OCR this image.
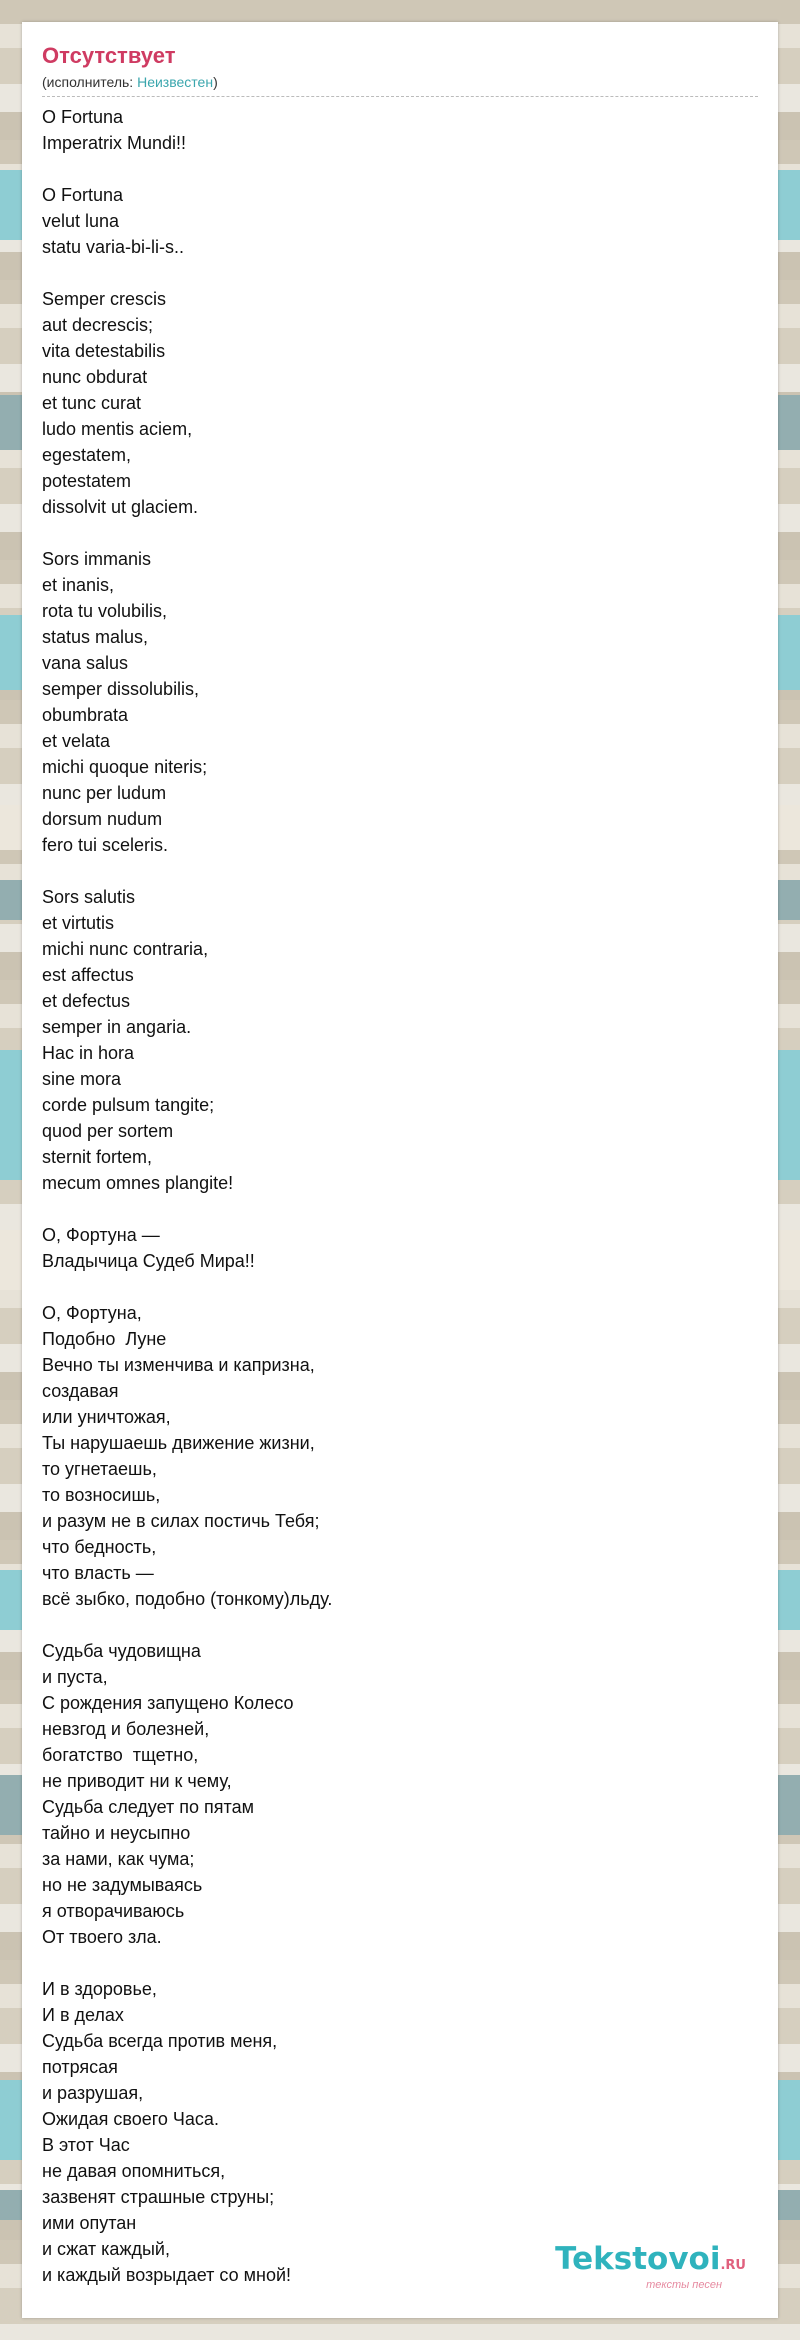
Отсутствует
(исполнитель: Неизвестен)
O Fortuna
Imperatrix Mundi!!
O Fortuna
velut luna
statu varia-bi-li-s..
Semper crescis
aut decrescis;
vita detestabilis
nunc obdurat
et tunc curat
ludo mentis aciem,
egestatem,
potestatem
dissolvit ut glaciem.
Sors immanis
et inanis,
rota tu volubilis,
status malus,
vana salus
semper dissolubilis,
obumbrata
et velata
michi quoque niteris;
nunc per ludum
dorsum nudum
fero tui sceleris.
Sors salutis
et virtutis
michi nunc contraria,
est affectus
et defectus
semper in angaria.
Hac in hora
sine mora
corde pulsum tangite;
quod per sortem
sternit fortem,
mecum omnes plangite!
О, Фортуна —
Владычица Судеб Мира!!
О, Фортуна,
Подобно  Луне
Вечно ты изменчива и капризна,
создавая
или уничтожая,
Ты нарушаешь движение жизни,
то угнетаешь,
то возносишь,
и разум не в силах постичь Тебя;
что бедность,
что власть —
всё зыбко, подобно (тонкому)льду.
Судьба чудовищна
и пуста,
С рождения запущено Колесо
невзгод и болезней,
богатство  тщетно,
не приводит ни к чему,
Судьба следует по пятам
тайно и неусыпно
за нами, как чума;
но не задумываясь
я отворачиваюсь
От твоего зла.
И в здоровье,
И в делах
Судьба всегда против меня,
потрясая
и разрушая,
Ожидая своего Часа.
В этот Час
не давая опомниться,
зазвенят страшные струны;
ими опутан
и сжат каждый,
и каждый возрыдает со мной!	Tekstovoi.RU
тексты песен
